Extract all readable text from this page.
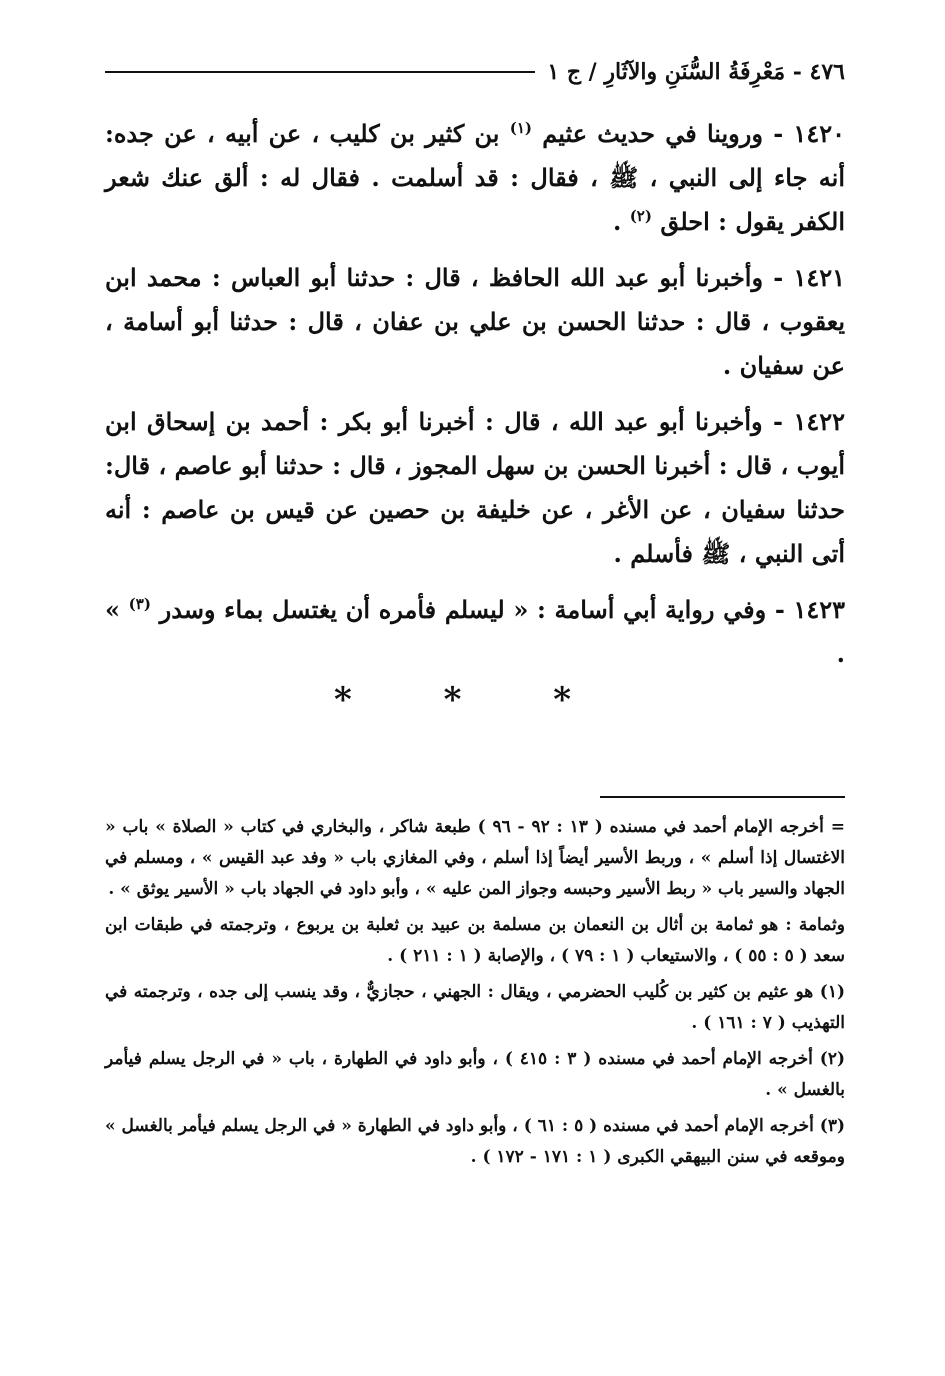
٤٧٦ - مَعْرِفَةُ السُّنَنِ والآثَارِ / ج ١

١٤٢٠ - وروينا في حديث عثيم $^{(١)}$ بن كثير بن كليب ، عن أبيه ، عن جده: أنه جاء إلى النبي ، ﷺ ، فقال : قد أسلمت . فقال له : ألق عنك شعر الكفر يقول : احلق $^{(٢)}$ .

١٤٢١ - وأخبرنا أبو عبد الله الحافظ ، قال : حدثنا أبو العباس : محمد ابن يعقوب ، قال : حدثنا الحسن بن علي بن عفان ، قال : حدثنا أبو أسامة ، عن سفيان .

١٤٢٢ - وأخبرنا أبو عبد الله ، قال : أخبرنا أبو بكر : أحمد بن إسحاق ابن أيوب ، قال : أخبرنا الحسن بن سهل المجوز ، قال : حدثنا أبو عاصم ، قال: حدثنا سفيان ، عن الأغر ، عن خليفة بن حصين عن قيس بن عاصم : أنه أتى النبي ، ﷺ فأسلم .

١٤٢٣ - وفي رواية أبي أسامة : « ليسلم فأمره أن يغتسل بماء وسدر $^{(٣)}$ » .

* * *

= أخرجه الإمام أحمد في مسنده ( ١٣ : ٩٢ - ٩٦ ) طبعة شاكر ، والبخاري في كتاب « الصلاة » باب « الاغتسال إذا أسلم » ، وربط الأسير أيضاً إذا أسلم ، وفي المغازي باب « وفد عبد القيس » ، ومسلم في الجهاد والسير باب « ربط الأسير وحبسه وجواز المن عليه » ، وأبو داود في الجهاد باب « الأسير يوثق » .

وثمامة : هو ثمامة بن أثال بن النعمان بن مسلمة بن عبيد بن ثعلبة بن يربوع ، وترجمته في طبقات ابن سعد ( ٥ : ٥٥ ) ، والاستيعاب ( ١ : ٧٩ ) ، والإصابة ( ١ : ٢١١ ) .

(١) هو عثيم بن كثير بن كُليب الحضرمي ، ويقال : الجهني ، حجازيٌّ ، وقد ينسب إلى جده ، وترجمته في التهذيب ( ٧ : ١٦١ ) .

(٢) أخرجه الإمام أحمد في مسنده ( ٣ : ٤١٥ ) ، وأبو داود في الطهارة ، باب « في الرجل يسلم فيأمر بالغسل » .

(٣) أخرجه الإمام أحمد في مسنده ( ٥ : ٦١ ) ، وأبو داود في الطهارة « في الرجل يسلم فيأمر بالغسل » وموقعه في سنن البيهقي الكبرى ( ١ : ١٧١ - ١٧٢ ) .
